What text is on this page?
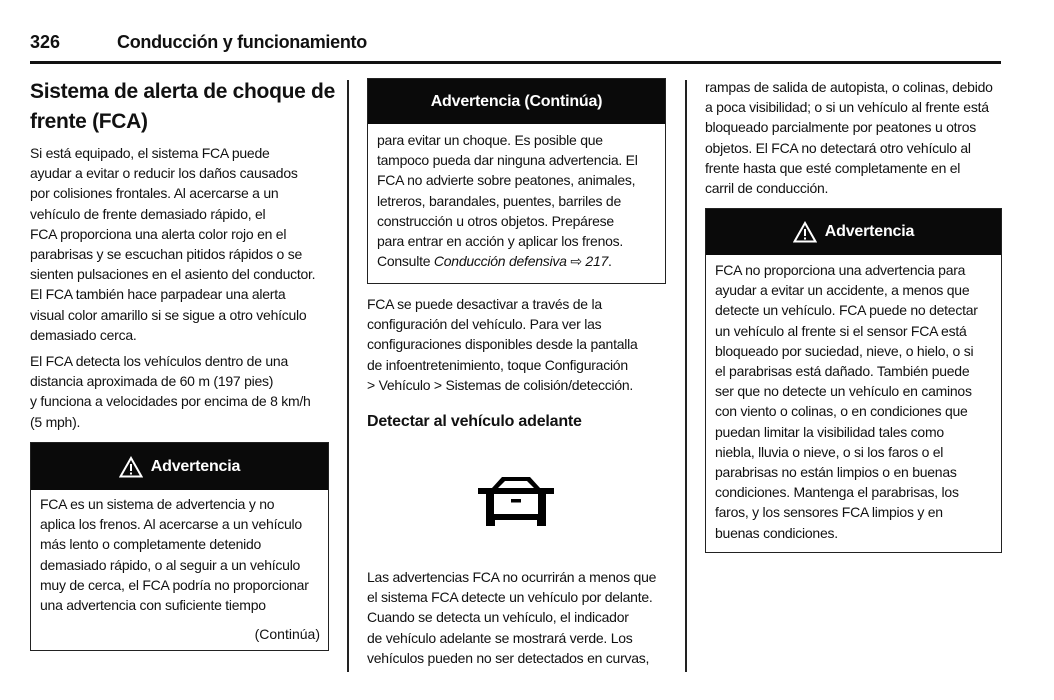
326	Conducción y funcionamiento
Sistema de alerta de choque de
frente (FCA)
Si está equipado, el sistema FCA puede
ayudar a evitar o reducir los daños causados
por colisiones frontales. Al acercarse a un
vehículo de frente demasiado rápido, el
FCA proporciona una alerta color rojo en el
parabrisas y se escuchan pitidos rápidos o se
sienten pulsaciones en el asiento del conductor.
El FCA también hace parpadear una alerta
visual color amarillo si se sigue a otro vehículo
demasiado cerca.
El FCA detecta los vehículos dentro de una
distancia aproximada de 60 m (197 pies)
y funciona a velocidades por encima de 8 km/h
(5 mph).
Advertencia
FCA es un sistema de advertencia y no
aplica los frenos. Al acercarse a un vehículo
más lento o completamente detenido
demasiado rápido, o al seguir a un vehículo
muy de cerca, el FCA podría no proporcionar
una advertencia con suficiente tiempo
(Continúa)
Advertencia (Continúa)
para evitar un choque. Es posible que
tampoco pueda dar ninguna advertencia. El
FCA no advierte sobre peatones, animales,
letreros, barandales, puentes, barriles de
construcción u otros objetos. Prepárese
para entrar en acción y aplicar los frenos.
Consulte Conducción defensiva ⇨ 217.
FCA se puede desactivar a través de la
configuración del vehículo. Para ver las
configuraciones disponibles desde la pantalla
de infoentretenimiento, toque Configuración
> Vehículo > Sistemas de colisión/detección.
Detectar al vehículo adelante
Las advertencias FCA no ocurrirán a menos que
el sistema FCA detecte un vehículo por delante.
Cuando se detecta un vehículo, el indicador
de vehículo adelante se mostrará verde. Los
vehículos pueden no ser detectados en curvas,
rampas de salida de autopista, o colinas, debido
a poca visibilidad; o si un vehículo al frente está
bloqueado parcialmente por peatones u otros
objetos. El FCA no detectará otro vehículo al
frente hasta que esté completamente en el
carril de conducción.
Advertencia
FCA no proporciona una advertencia para
ayudar a evitar un accidente, a menos que
detecte un vehículo. FCA puede no detectar
un vehículo al frente si el sensor FCA está
bloqueado por suciedad, nieve, o hielo, o si
el parabrisas está dañado. También puede
ser que no detecte un vehículo en caminos
con viento o colinas, o en condiciones que
puedan limitar la visibilidad tales como
niebla, lluvia o nieve, o si los faros o el
parabrisas no están limpios o en buenas
condiciones. Mantenga el parabrisas, los
faros, y los sensores FCA limpios y en
buenas condiciones.
